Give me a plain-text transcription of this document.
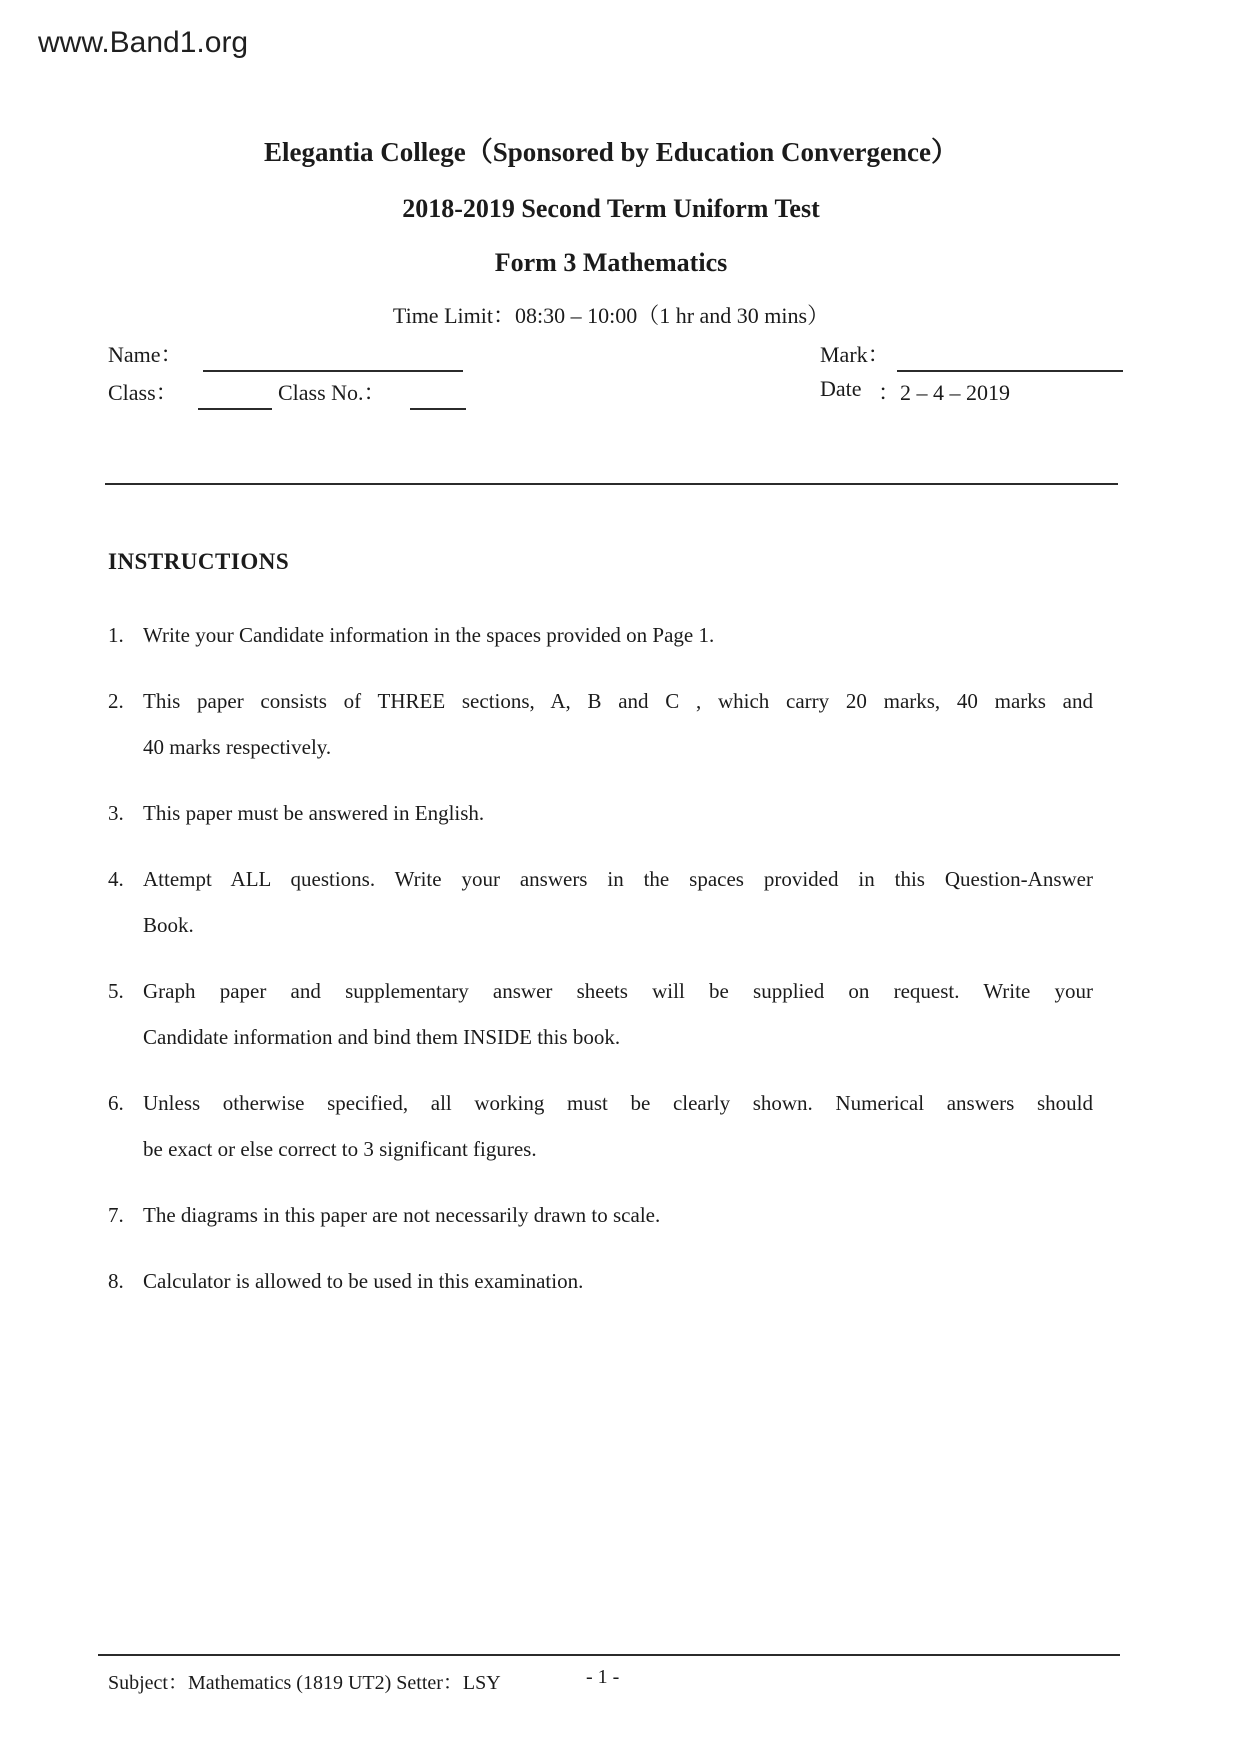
www.Band1.org
Elegantia College（Sponsored by Education Convergence）
2018-2019 Second Term Uniform Test
Form 3 Mathematics
Time Limit：08:30 – 10:00（1 hr and 30 mins）
Name：	Mark：
Class：	Class No.：	Date ：2 – 4 – 2019
INSTRUCTIONS
1. Write your Candidate information in the spaces provided on Page 1.
2. This paper consists of THREE sections, A, B and C , which carry 20 marks, 40 marks and
40 marks respectively.
3. This paper must be answered in English.
4. Attempt ALL questions. Write your answers in the spaces provided in this Question-Answer
Book.
5. Graph paper and supplementary answer sheets will be supplied on request. Write your
Candidate information and bind them INSIDE this book.
6. Unless otherwise specified, all working must be clearly shown. Numerical answers should
be exact or else correct to 3 significant figures.
7. The diagrams in this paper are not necessarily drawn to scale.
8. Calculator is allowed to be used in this examination.
Subject：Mathematics (1819 UT2) Setter：LSY	- 1 -
